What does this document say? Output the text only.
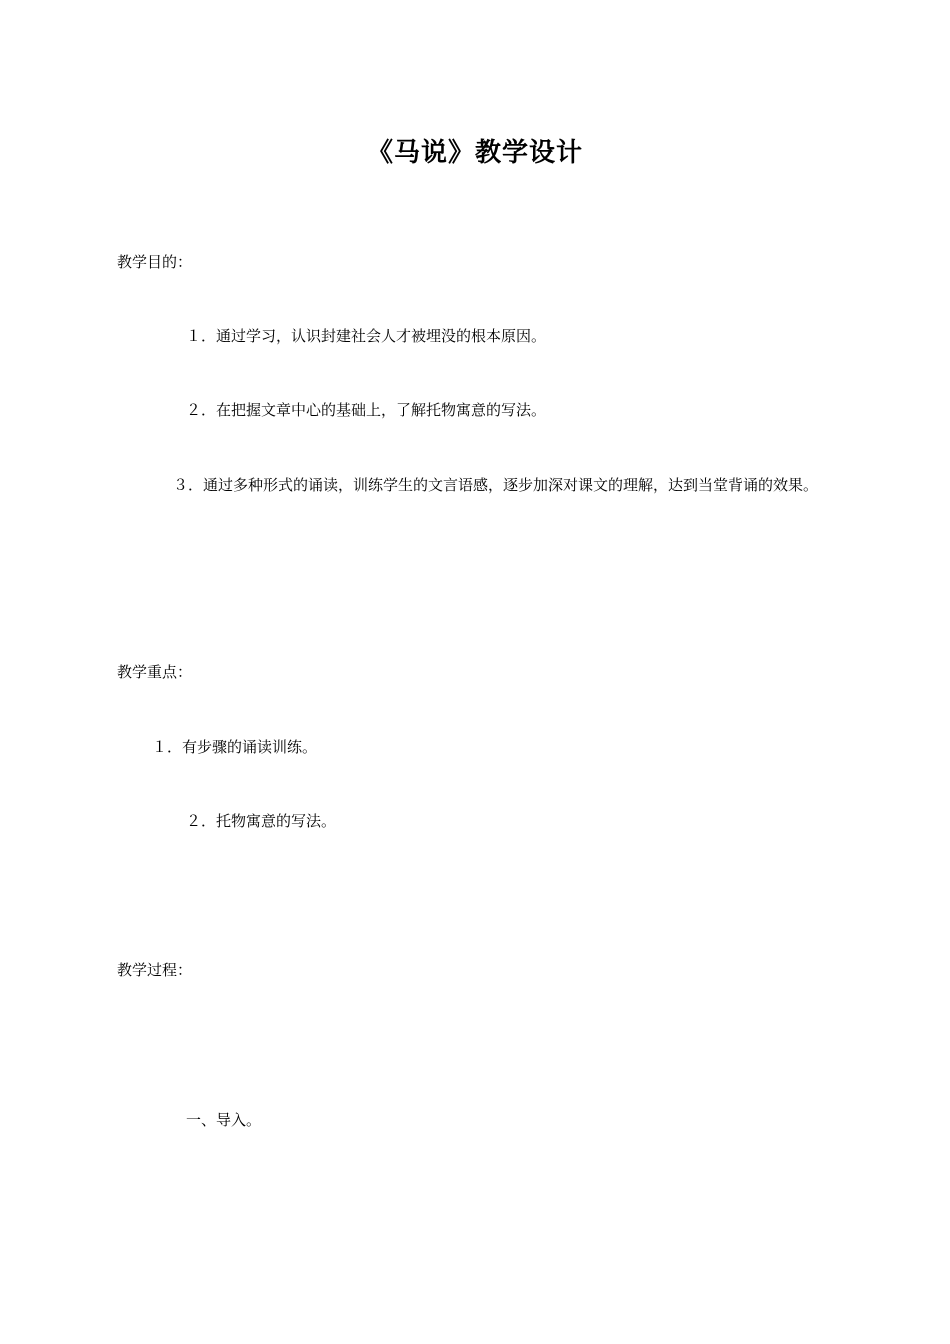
《马说》教学设计
教学目的：
１．通过学习，认识封建社会人才被埋没的根本原因。
２．在把握文章中心的基础上，了解托物寓意的写法。
３．通过多种形式的诵读，训练学生的文言语感，逐步加深对课文的理解，达到当堂背诵的效果。
教学重点：
１．有步骤的诵读训练。
２．托物寓意的写法。
教学过程：
一、导入。
